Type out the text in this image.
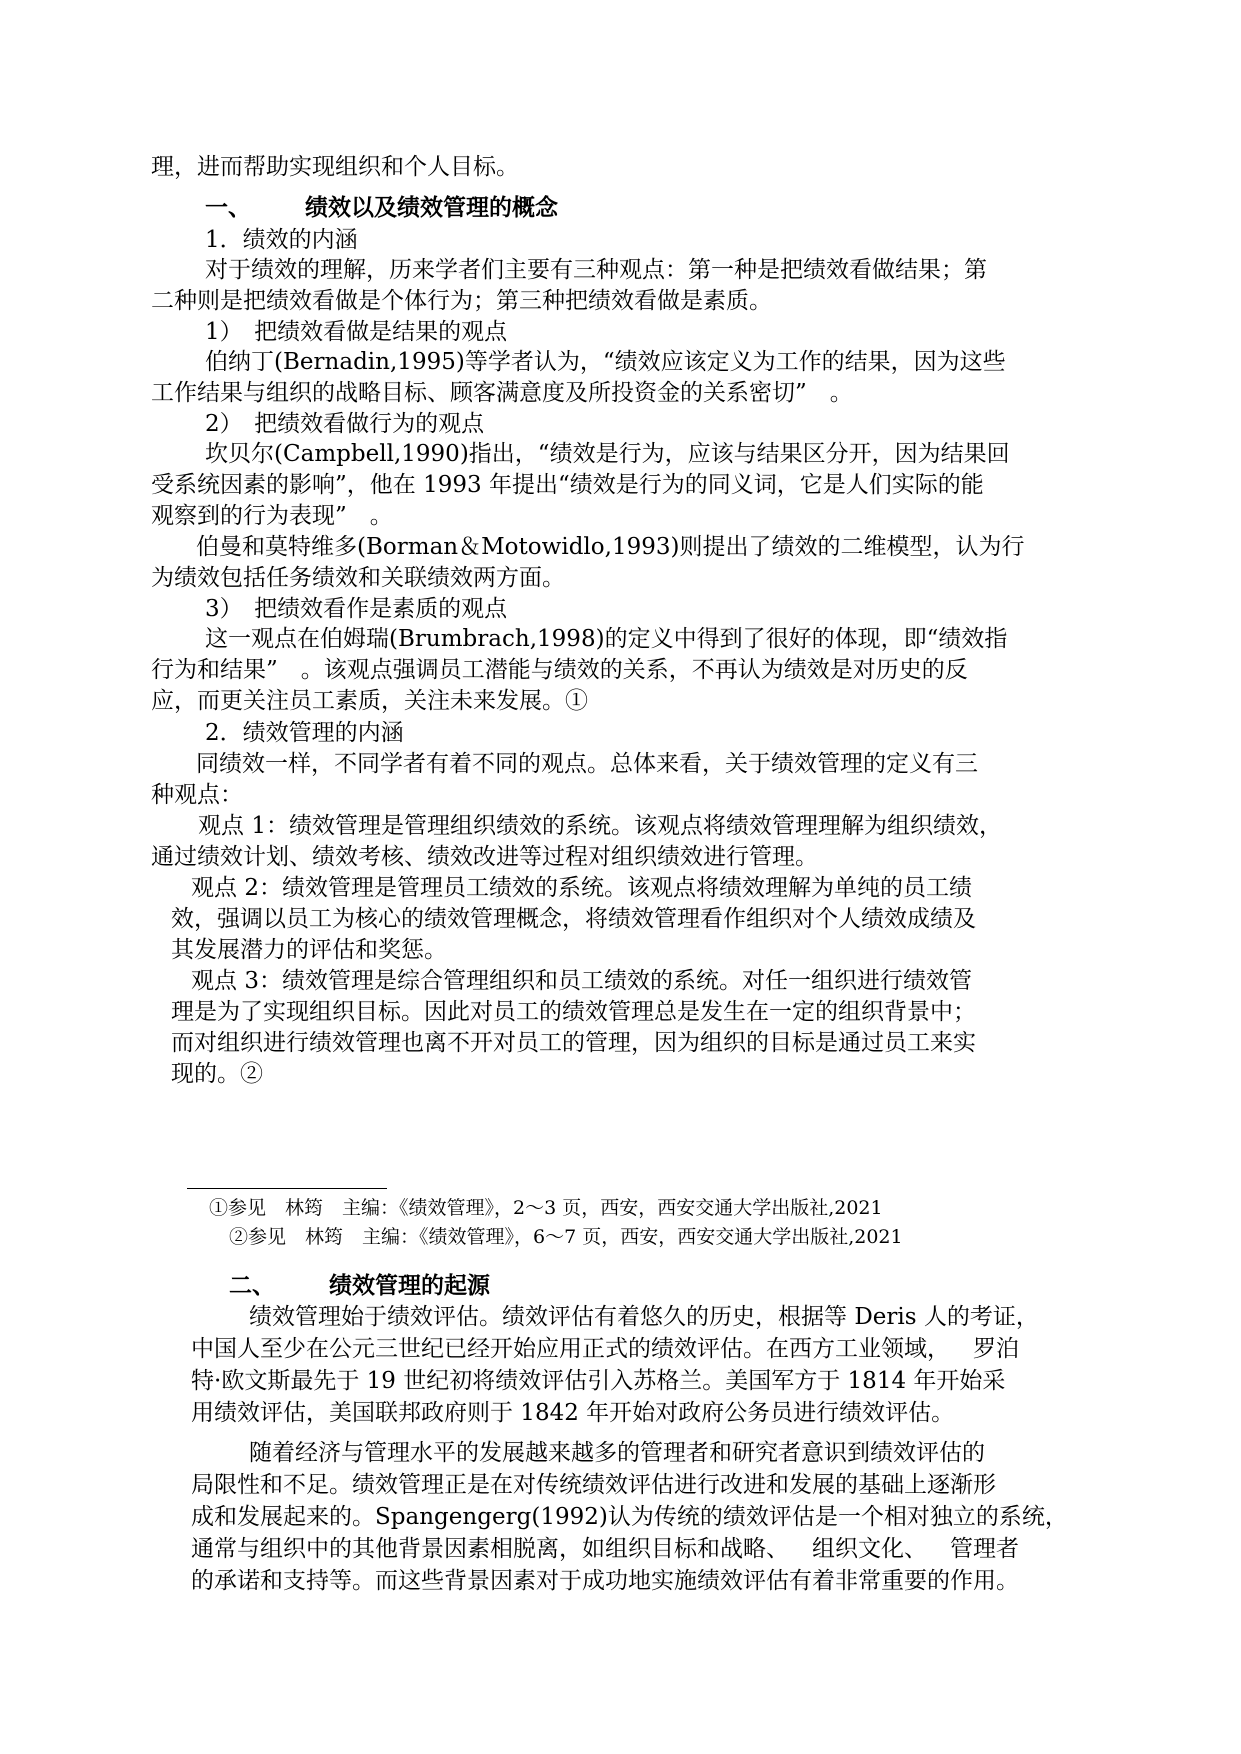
理，进而帮助实现组织和个人目标。

一、 绩效以及绩效管理的概念

1．绩效的内涵

对 于 绩 效 的 理 解 ， 历 来 学 者 们 主 要 有 三 种 观 点 ： 第 一 种 是 把 绩 效 看 做 结 果 ； 第

二种则是把绩效看做是个体行为；第三种把绩效看做是素质。

1）　把绩效看做是结果的观点

伯 纳 丁 ( B e r n a d i n , 1 9 9 5 ) 等 学 者 认 为 ， “ 绩 效 应 该 定 义 为 工 作 的 结 果 ， 因 为 这 些

工作结果与组织的战略目标、顾客满意度及所投资金的关系密切”　。

2）　把绩效看做行为的观点

坎 贝 尔 ( C a m p b e l l , 1 9 9 0 ) 指 出 ， “ 绩 效 是 行 为 ， 应 该 与 结 果 区 分 开 ， 因 为 结 果 回

受 系 统 因 素 的 影 响 ” ， 他 在
1 9 9 3
年 提 出 “ 绩 效 是 行 为 的 同 义 词 ， 它 是 人 们 实 际 的 能

观察到的行为表现”　。

伯 曼 和 莫 特 维 多 ( B o r m a n ＆ M o t o w i d l o , 1 9 9 3 ) 则 提 出 了 绩 效 的 二 维 模 型 ， 认 为 行

为绩效包括任务绩效和关联绩效两方面。

3）　把绩效看作是素质的观点

这 一 观 点 在 伯 姆 瑞 ( B r u m b r a c h , 1 9 9 8 ) 的 定 义 中 得 到 了 很 好 的 体 现 ， 即 “ 绩 效 指

行 为 和 结 果 ”
　 。 该 观 点 强 调 员 工 潜 能 与 绩 效 的 关 系 ， 不 再 认 为 绩 效 是 对 历 史 的 反

应，而更关注员工素质，关注未来发展。①

2．绩效管理的内涵

同 绩 效 一 样 ， 不 同 学 者 有 着 不 同 的 观 点 。 总 体 来 看 ， 关 于 绩 效 管 理 的 定 义 有 三

种观点：

观 点
1 ： 绩 效 管 理 是 管 理 组 织 绩 效 的 系 统 。 该 观 点 将 绩 效 管 理 理 解 为 组 织 绩 效 ，

通过绩效计划、绩效考核、绩效改进等过程对组织绩效进行管理。

观 点
2 ： 绩 效 管 理 是 管 理 员 工 绩 效 的 系 统 。 该 观 点 将 绩 效 理 解 为 单 纯 的 员 工 绩

效 ， 强 调 以 员 工 为 核 心 的 绩 效 管 理 概 念 ， 将 绩 效 管 理 看 作 组 织 对 个 人 绩 效 成 绩 及

其发展潜力的评估和奖惩。

观 点
3 ： 绩 效 管 理 是 综 合 管 理 组 织 和 员 工 绩 效 的 系 统 。 对 任 一 组 织 进 行 绩 效 管

理 是 为 了 实 现 组 织 目 标 。 因 此 对 员 工 的 绩 效 管 理 总 是 发 生 在 一 定 的 组 织 背 景 中 ；

而 对 组 织 进 行 绩 效 管 理 也 离 不 开 对 员 工 的 管 理 ， 因 为 组 织 的 目 标 是 通 过 员 工 来 实

现的。②

①参见　林筠　主编：《绩效管理》，2～3 页，西安，西安交通大学出版社,2021

②参见　林筠　主编：《绩效管理》，6～7 页，西安，西安交通大学出版社,2021

二、 绩效管理的起源

绩 效 管 理 始 于 绩 效 评 估 。 绩 效 评 估 有 着 悠 久 的 历 史 ， 根 据 等
D e r i s
人 的 考 证 ，

中 国 人 至 少 在 公 元 三 世 纪 已 经 开 始 应 用 正 式 的 绩 效 评 估 。 在 西 方 工 业 领 域 ，
　 罗 泊

特 · 欧 文 斯 最 先 于
1 9
世 纪 初 将 绩 效 评 估 引 入 苏 格 兰 。 美 国 军 方 于
1 8 1 4
年 开 始 采

用绩效评估，美国联邦政府则于 1842 年开始对政府公务员进行绩效评估。

随 着 经 济 与 管 理 水 平 的 发 展 越 来 越 多 的 管 理 者 和 研 究 者 意 识 到 绩 效 评 估 的

局 限 性 和 不 足 。 绩 效 管 理 正 是 在 对 传 统 绩 效 评 估 进 行 改 进 和 发 展 的 基 础 上 逐 渐 形

成 和 发 展 起 来 的 。 S p a n g e n g e r g ( 1 9 9 2 ) 认 为 传 统 的 绩 效 评 估 是 一 个 相 对 独 立 的 系 统 ，

通 常 与 组 织 中 的 其 他 背 景 因 素 相 脱 离 ， 如 组 织 目 标 和 战 略 、
　 组 织 文 化 、
　 管 理 者

的 承 诺 和 支 持 等 。 而 这 些 背 景 因 素 对 于 成 功 地 实 施 绩 效 评 估 有 着 非 常 重 要 的 作 用 。
